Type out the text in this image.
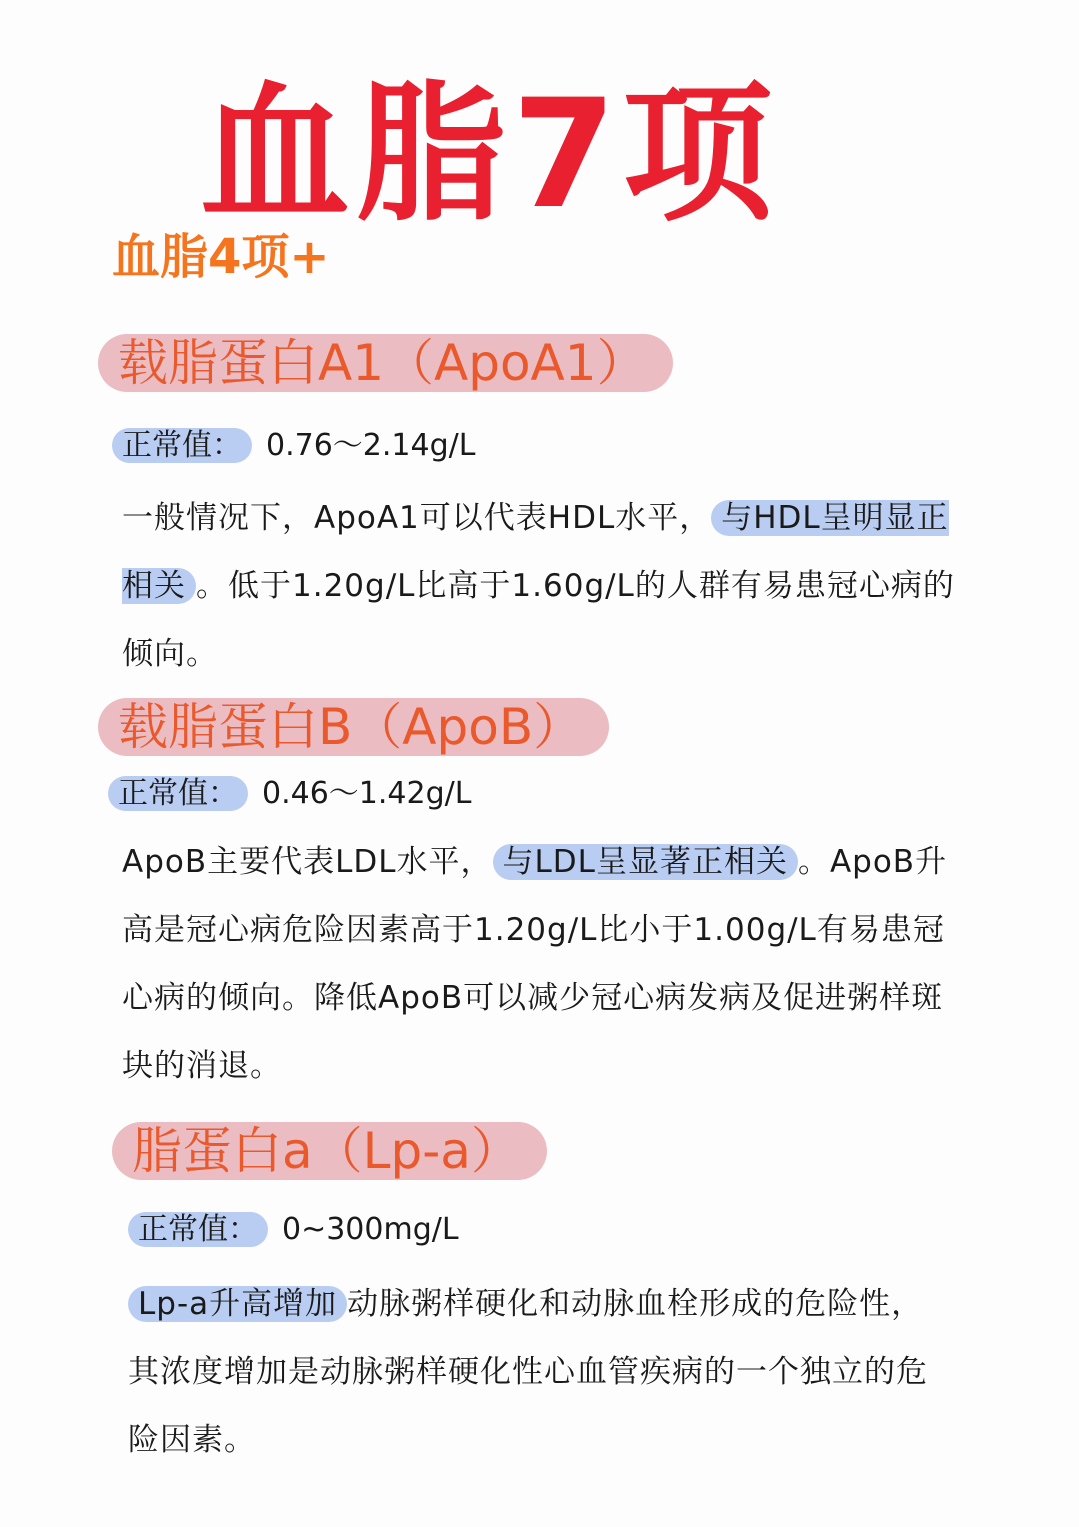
血脂7项
血脂4项+
载脂蛋白A1（ApoA1）
正常值： 0.76～2.14g/L
一般情况下，ApoA1可以代表HDL水平， 与HDL呈明显正相关 。低于1.20g/L比高于1.60g/L的人群有易患冠心病的倾向。
载脂蛋白B（ApoB）
正常值： 0.46～1.42g/L
ApoB主要代表LDL水平， 与LDL呈显著正相关 。ApoB升高是冠心病危险因素高于1.20g/L比小于1.00g/L有易患冠心病的倾向。降低ApoB可以减少冠心病发病及促进粥样斑块的消退。
脂蛋白a（Lp-a）
正常值： 0~300mg/L
Lp-a升高增加 动脉粥样硬化和动脉血栓形成的危险性，其浓度增加是动脉粥样硬化性心血管疾病的一个独立的危险因素。
